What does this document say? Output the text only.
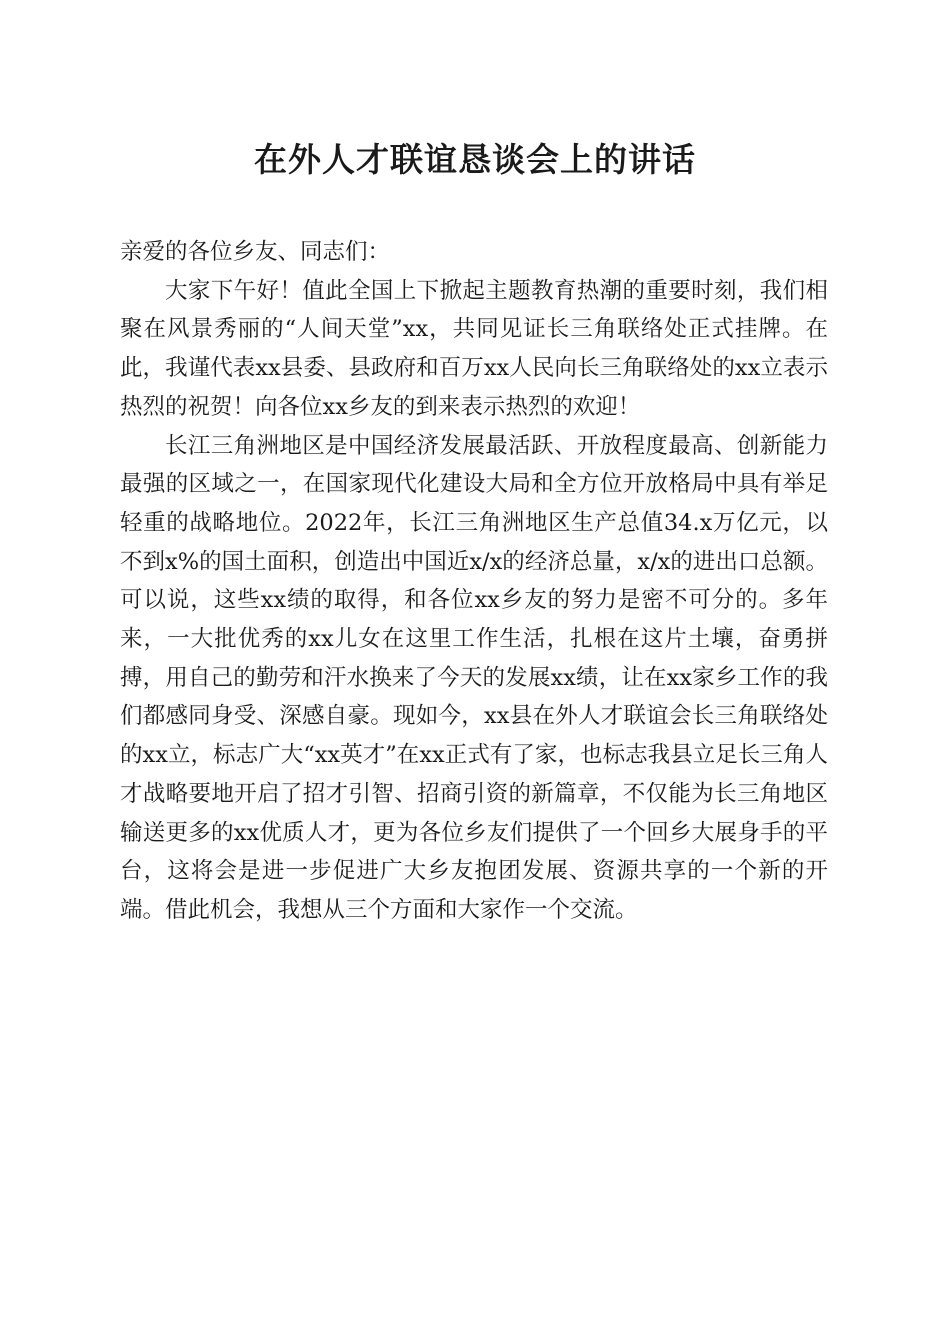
在外人才联谊恳谈会上的讲话

亲爱的各位乡友、同志们：

大家下午好！值此全国上下掀起主题教育热潮的重要时刻，我们相聚在风景秀丽的“人间天堂”xx，共同见证长三角联络处正式挂牌。在此，我谨代表xx县委、县政府和百万xx人民向长三角联络处的xx立表示热烈的祝贺！向各位xx乡友的到来表示热烈的欢迎！

长江三角洲地区是中国经济发展最活跃、开放程度最高、创新能力最强的区域之一，在国家现代化建设大局和全方位开放格局中具有举足轻重的战略地位。2022年，长江三角洲地区生产总值34.x万亿元，以不到x%的国土面积，创造出中国近x/x的经济总量，x/x的进出口总额。可以说，这些xx绩的取得，和各位xx乡友的努力是密不可分的。多年来，一大批优秀的xx儿女在这里工作生活，扎根在这片土壤，奋勇拼搏，用自己的勤劳和汗水换来了今天的发展xx绩，让在xx家乡工作的我们都感同身受、深感自豪。现如今，xx县在外人才联谊会长三角联络处的xx立，标志广大“xx英才”在xx正式有了家，也标志我县立足长三角人才战略要地开启了招才引智、招商引资的新篇章，不仅能为长三角地区输送更多的xx优质人才，更为各位乡友们提供了一个回乡大展身手的平台，这将会是进一步促进广大乡友抱团发展、资源共享的一个新的开端。借此机会，我想从三个方面和大家作一个交流。
